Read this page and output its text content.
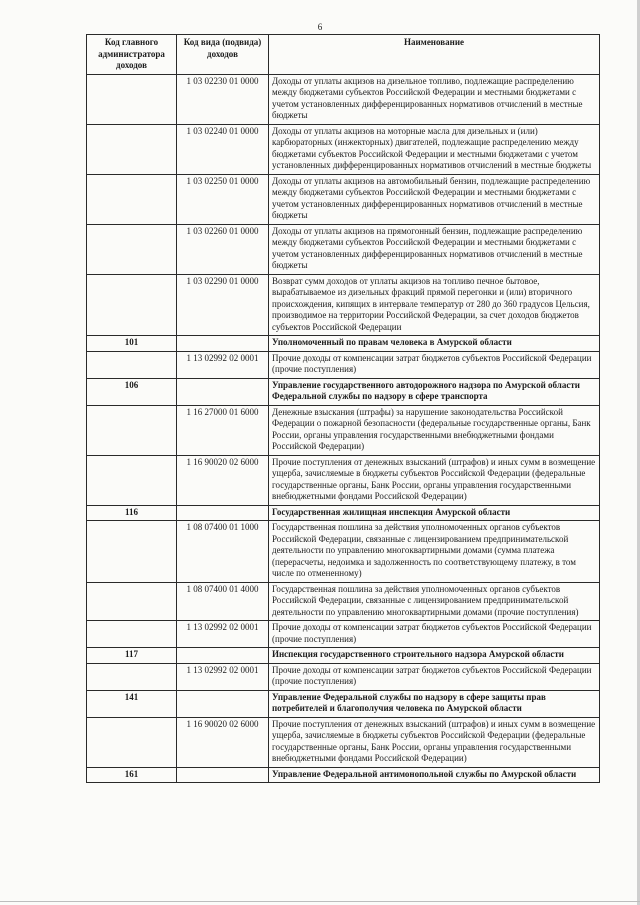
6
Код главного администратора доходов	Код вида (подвида) доходов	Наименование
	1 03 02230 01 0000	Доходы от уплаты акцизов на дизельное топливо, подлежащие распределению между бюджетами субъектов Российской Федерации и местными бюджетами с учетом установленных дифференцированных нормативов отчислений в местные бюджеты
	1 03 02240 01 0000	Доходы от уплаты акцизов на моторные масла для дизельных и (или) карбюраторных (инжекторных) двигателей, подлежащие распределению между бюджетами субъектов Российской Федерации и местными бюджетами с учетом установленных дифференцированных нормативов отчислений в местные бюджеты
	1 03 02250 01 0000	Доходы от уплаты акцизов на автомобильный бензин, подлежащие распределению между бюджетами субъектов Российской Федерации и местными бюджетами с учетом установленных дифференцированных нормативов отчислений в местные бюджеты
	1 03 02260 01 0000	Доходы от уплаты акцизов на прямогонный бензин, подлежащие распределению между бюджетами субъектов Российской Федерации и местными бюджетами с учетом установленных дифференцированных нормативов отчислений в местные бюджеты
	1 03 02290 01 0000	Возврат сумм доходов от уплаты акцизов на топливо печное бытовое, вырабатываемое из дизельных фракций прямой перегонки и (или) вторичного происхождения, кипящих в интервале температур от 280 до 360 градусов Цельсия, производимое на территории Российской Федерации, за счет доходов бюджетов субъектов Российской Федерации
101		Уполномоченный по правам человека в Амурской области
	1 13 02992 02 0001	Прочие доходы от компенсации затрат бюджетов субъектов Российской Федерации (прочие поступления)
106		Управление государственного автодорожного надзора по Амурской области Федеральной службы по надзору в сфере транспорта
	1 16 27000 01 6000	Денежные взыскания (штрафы) за нарушение законодательства Российской Федерации о пожарной безопасности (федеральные государственные органы, Банк России, органы управления государственными внебюджетными фондами Российской Федерации)
	1 16 90020 02 6000	Прочие поступления от денежных взысканий (штрафов) и иных сумм в возмещение ущерба, зачисляемые в бюджеты субъектов Российской Федерации (федеральные государственные органы, Банк России, органы управления государственными внебюджетными фондами Российской Федерации)
116		Государственная жилищная инспекция Амурской области
	1 08 07400 01 1000	Государственная пошлина за действия уполномоченных органов субъектов Российской Федерации, связанные с лицензированием предпринимательской деятельности по управлению многоквартирными домами (сумма платежа (перерасчеты, недоимка и задолженность по соответствующему платежу, в том числе по отмененному)
	1 08 07400 01 4000	Государственная пошлина за действия уполномоченных органов субъектов Российской Федерации, связанные с лицензированием предпринимательской деятельности по управлению многоквартирными домами (прочие поступления)
	1 13 02992 02 0001	Прочие доходы от компенсации затрат бюджетов субъектов Российской Федерации (прочие поступления)
117		Инспекция государственного строительного надзора Амурской области
	1 13 02992 02 0001	Прочие доходы от компенсации затрат бюджетов субъектов Российской Федерации (прочие поступления)
141		Управление Федеральной службы по надзору в сфере защиты прав потребителей и благополучия человека по Амурской области
	1 16 90020 02 6000	Прочие поступления от денежных взысканий (штрафов) и иных сумм в возмещение ущерба, зачисляемые в бюджеты субъектов Российской Федерации (федеральные государственные органы, Банк России, органы управления государственными внебюджетными фондами Российской Федерации)
161		Управление Федеральной антимонопольной службы по Амурской области
